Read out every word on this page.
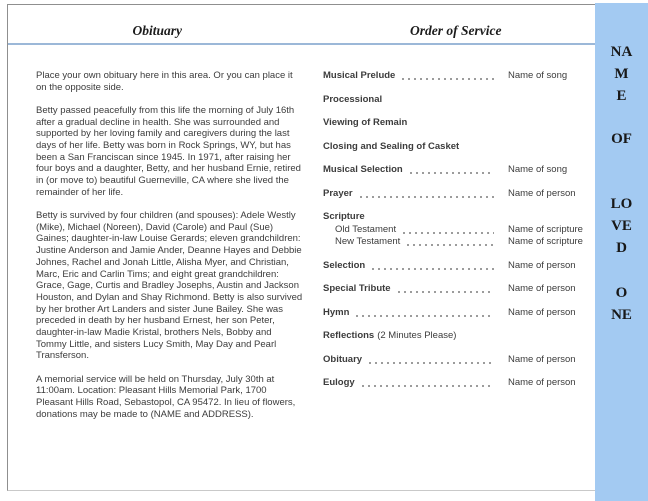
Obituary	Order of Service

Place your own obituary here in this area. Or you can place it on the opposite side.

Betty passed peacefully from this life the morning of July 16th after a gradual decline in health. She was surrounded and supported by her loving family and caregivers during the last days of her life. Betty was born in Rock Springs, WY, but has been a San Franciscan since 1945. In 1971, after raising her four boys and a daughter, Betty, and her husband Ernie, retired in (or move to) beautiful Guerneville, CA where she lived the remainder of her life.

Betty is survived by four children (and spouses): Adele Westly (Mike), Michael (Noreen), David (Carole) and Paul (Sue) Gaines; daughter-in-law Louise Gerards; eleven grandchildren: Justine Anderson and Jamie Ander, Deanne Hayes and Debbie Johnes, Rachel and Jonah Little, Alisha Myer, and Christian, Marc, Eric and Carlin Tims; and eight great grandchildren: Grace, Gage, Curtis and Bradley Josephs, Austin and Jackson Houston, and Dylan and Shay Richmond. Betty is also survived by her brother Art Landers and sister June Bailey. She was preceded in death by her husband Ernest, her son Peter, daughter-in-law Madie Kristal, brothers Nels, Bobby and Tommy Little, and sisters Lucy Smith, May Day and Pearl Transferson.

A memorial service will be held on Thursday, July 30th at 11:00am. Location: Pleasant Hills Memorial Park, 1700 Pleasant Hills Road, Sebastopol, CA 95472. In lieu of flowers, donations may be made to (NAME and ADDRESS).

Musical Prelude	Name of song
Processional
Viewing of Remain
Closing and Sealing of Casket
Musical Selection	Name of song
Prayer	Name of person
Scripture
Old Testament	Name of scripture
New Testament	Name of scripture
Selection	Name of person
Special Tribute	Name of person
Hymn	Name of person
Reflections (2 Minutes Please)
Obituary	Name of person
Eulogy	Name of person
NAME
OF
LOVED
ONE
